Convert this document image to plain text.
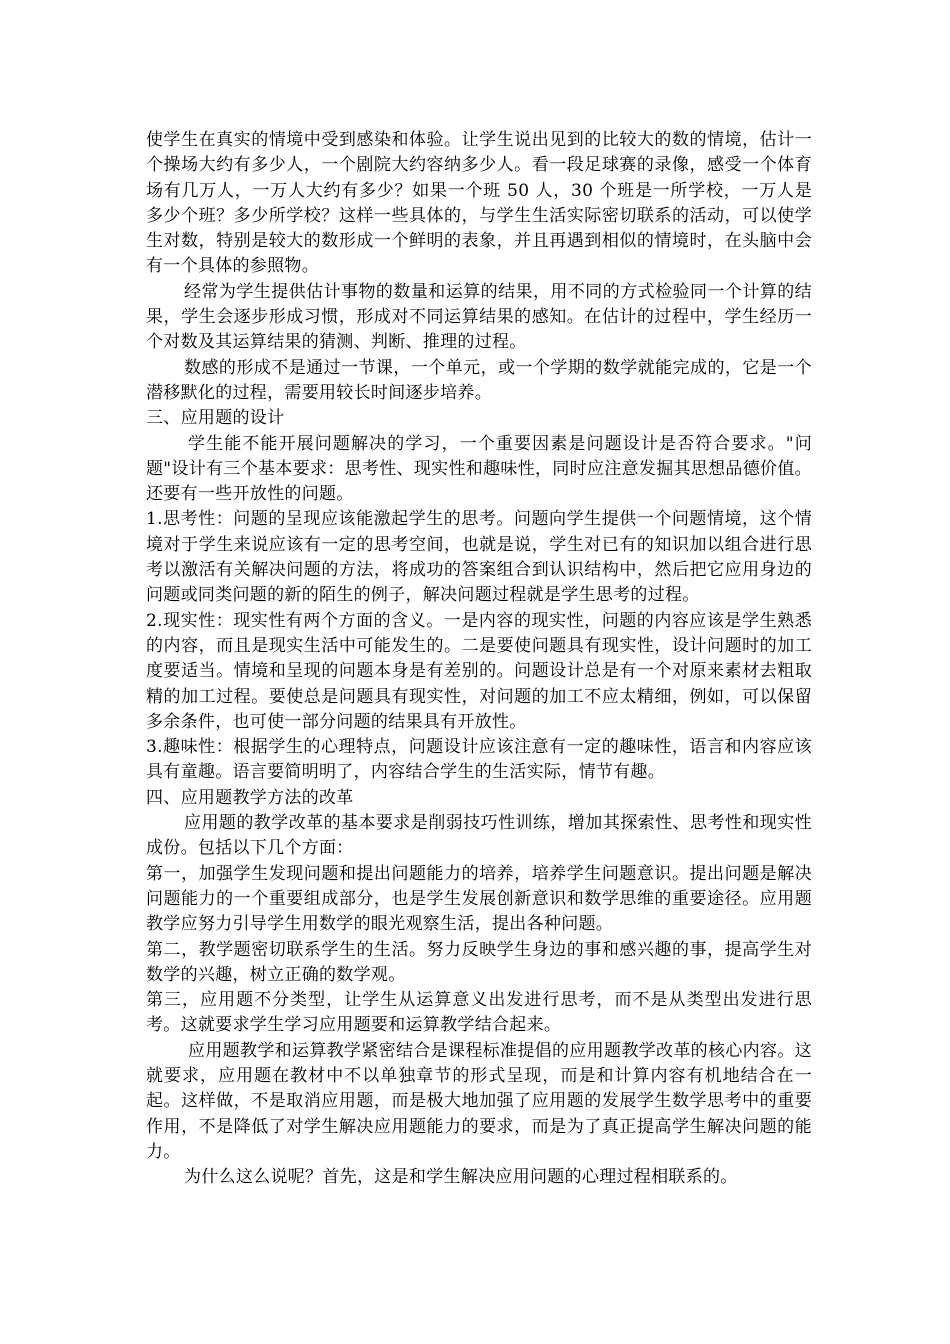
使学生在真实的情境中受到感染和体验。让学生说出见到的比较大的数的情境，估计一个操场大约有多少人，一个剧院大约容纳多少人。看一段足球赛的录像，感受一个体育场有几万人，一万人大约有多少？如果一个班 50 人，30 个班是一所学校，一万人是多少个班？多少所学校？这样一些具体的，与学生生活实际密切联系的活动，可以使学生对数，特别是较大的数形成一个鲜明的表象，并且再遇到相似的情境时，在头脑中会有一个具体的参照物。

经常为学生提供估计事物的数量和运算的结果，用不同的方式检验同一个计算的结果，学生会逐步形成习惯，形成对不同运算结果的感知。在估计的过程中，学生经历一个对数及其运算结果的猜测、判断、推理的过程。

数感的形成不是通过一节课，一个单元，或一个学期的数学就能完成的，它是一个潜移默化的过程，需要用较长时间逐步培养。

三、应用题的设计

学生能不能开展问题解决的学习，一个重要因素是问题设计是否符合要求。"问题"设计有三个基本要求：思考性、现实性和趣味性，同时应注意发掘其思想品德价值。还要有一些开放性的问题。

1.思考性：问题的呈现应该能激起学生的思考。问题向学生提供一个问题情境，这个情境对于学生来说应该有一定的思考空间，也就是说，学生对已有的知识加以组合进行思考以激活有关解决问题的方法，将成功的答案组合到认识结构中，然后把它应用身边的问题或同类问题的新的陌生的例子，解决问题过程就是学生思考的过程。

2.现实性：现实性有两个方面的含义。一是内容的现实性，问题的内容应该是学生熟悉的内容，而且是现实生活中可能发生的。二是要使问题具有现实性，设计问题时的加工度要适当。情境和呈现的问题本身是有差别的。问题设计总是有一个对原来素材去粗取精的加工过程。要使总是问题具有现实性，对问题的加工不应太精细，例如，可以保留多余条件，也可使一部分问题的结果具有开放性。

3.趣味性：根据学生的心理特点，问题设计应该注意有一定的趣味性，语言和内容应该具有童趣。语言要简明明了，内容结合学生的生活实际，情节有趣。

四、应用题教学方法的改革

应用题的教学改革的基本要求是削弱技巧性训练，增加其探索性、思考性和现实性成份。包括以下几个方面：

第一，加强学生发现问题和提出问题能力的培养，培养学生问题意识。提出问题是解决问题能力的一个重要组成部分，也是学生发展创新意识和数学思维的重要途径。应用题教学应努力引导学生用数学的眼光观察生活，提出各种问题。

第二，教学题密切联系学生的生活。努力反映学生身边的事和感兴趣的事，提高学生对数学的兴趣，树立正确的数学观。

第三，应用题不分类型，让学生从运算意义出发进行思考，而不是从类型出发进行思考。这就要求学生学习应用题要和运算教学结合起来。

应用题教学和运算教学紧密结合是课程标准提倡的应用题教学改革的核心内容。这就要求，应用题在教材中不以单独章节的形式呈现，而是和计算内容有机地结合在一起。这样做，不是取消应用题，而是极大地加强了应用题的发展学生数学思考中的重要作用，不是降低了对学生解决应用题能力的要求，而是为了真正提高学生解决问题的能力。

为什么这么说呢？首先，这是和学生解决应用问题的心理过程相联系的。
